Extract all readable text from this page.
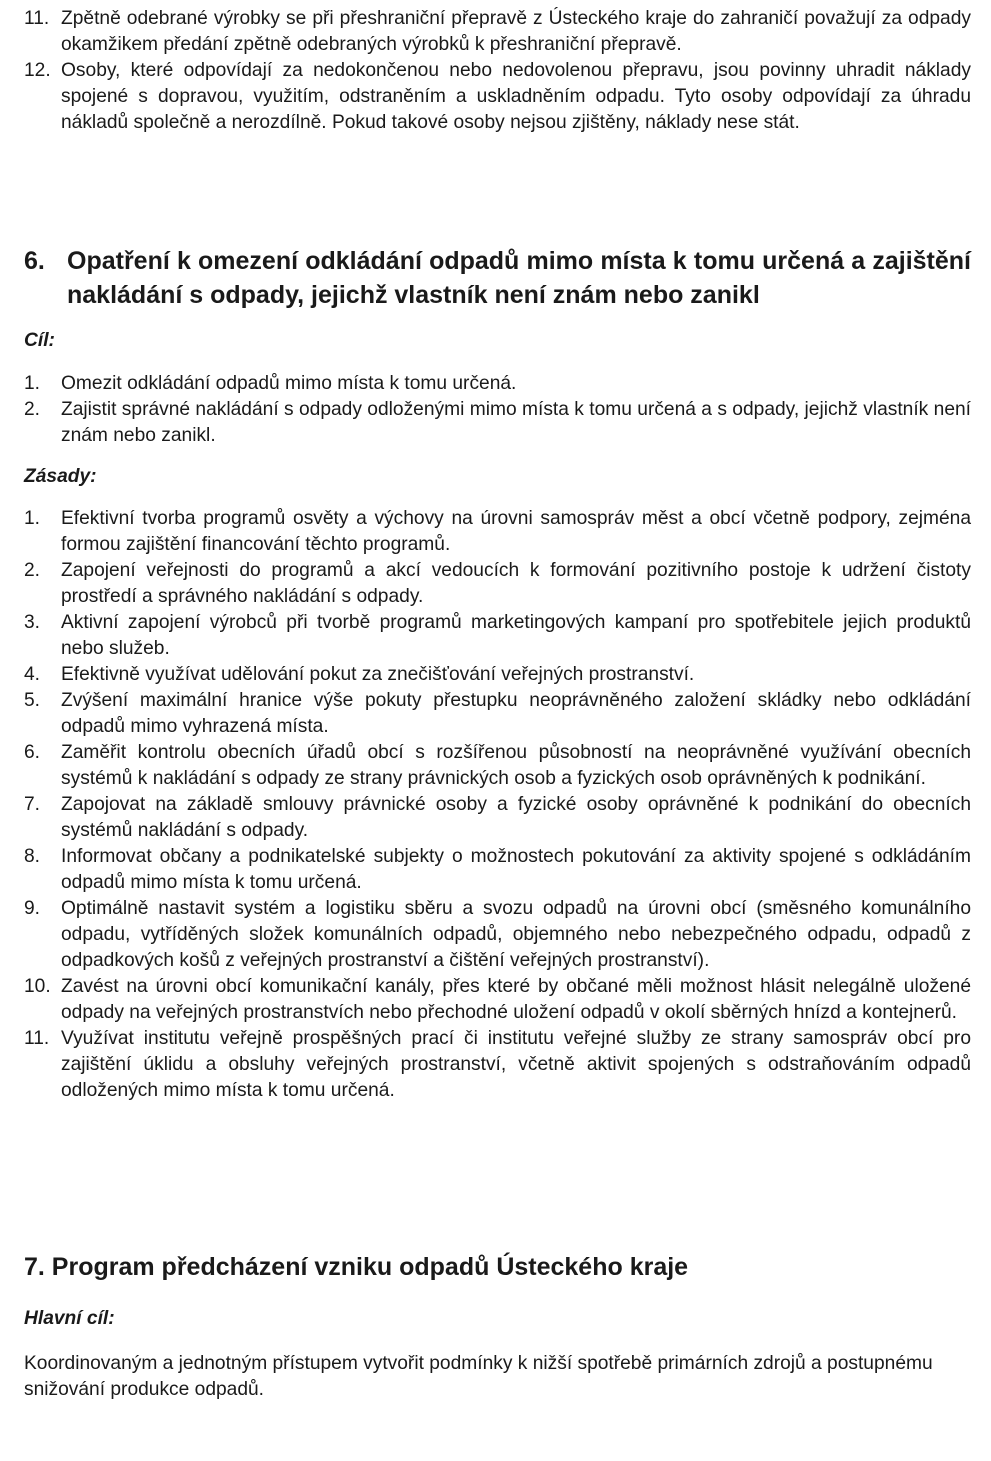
11. Zpětně odebrané výrobky se při přeshraniční přepravě z Ústeckého kraje do zahraničí považují za odpady okamžikem předání zpětně odebraných výrobků k přeshraniční přepravě.
12. Osoby, které odpovídají za nedokončenou nebo nedovolenou přepravu, jsou povinny uhradit náklady spojené s dopravou, využitím, odstraněním a uskladněním odpadu. Tyto osoby odpovídají za úhradu nákladů společně a nerozdílně. Pokud takové osoby nejsou zjištěny, náklady nese stát.
6. Opatření k omezení odkládání odpadů mimo místa k tomu určená a zajištění nakládání s odpady, jejichž vlastník není znám nebo zanikl
Cíl:
1. Omezit odkládání odpadů mimo místa k tomu určená.
2. Zajistit správné nakládání s odpady odloženými mimo místa k tomu určená a s odpady, jejichž vlastník není znám nebo zanikl.
Zásady:
1. Efektivní tvorba programů osvěty a výchovy na úrovni samospráv měst a obcí včetně podpory, zejména formou zajištění financování těchto programů.
2. Zapojení veřejnosti do programů a akcí vedoucích k formování pozitivního postoje k udržení čistoty prostředí a správného nakládání s odpady.
3. Aktivní zapojení výrobců při tvorbě programů marketingových kampaní pro spotřebitele jejich produktů nebo služeb.
4. Efektivně využívat udělování pokut za znečišťování veřejných prostranství.
5. Zvýšení maximální hranice výše pokuty přestupku neoprávněného založení skládky nebo odkládání odpadů mimo vyhrazená místa.
6. Zaměřit kontrolu obecních úřadů obcí s rozšířenou působností na neoprávněné využívání obecních systémů k nakládání s odpady ze strany právnických osob a fyzických osob oprávněných k podnikání.
7. Zapojovat na základě smlouvy právnické osoby a fyzické osoby oprávněné k podnikání do obecních systémů nakládání s odpady.
8. Informovat občany a podnikatelské subjekty o možnostech pokutování za aktivity spojené s odkládáním odpadů mimo místa k tomu určená.
9. Optimálně nastavit systém a logistiku sběru a svozu odpadů na úrovni obcí (směsného komunálního odpadu, vytříděných složek komunálních odpadů, objemného nebo nebezpečného odpadu, odpadů z odpadkových košů z veřejných prostranství a čištění veřejných prostranství).
10. Zavést na úrovni obcí komunikační kanály, přes které by občané měli možnost hlásit nelegálně uložené odpady na veřejných prostranstvích nebo přechodné uložení odpadů v okolí sběrných hnízd a kontejnerů.
11. Využívat institutu veřejně prospěšných prací či institutu veřejné služby ze strany samospráv obcí pro zajištění úklidu a obsluhy veřejných prostranství, včetně aktivit spojených s odstraňováním odpadů odložených mimo místa k tomu určená.
7. Program předcházení vzniku odpadů Ústeckého kraje
Hlavní cíl:
Koordinovaným a jednotným přístupem vytvořit podmínky k nižší spotřebě primárních zdrojů a postupnému snižování produkce odpadů.
